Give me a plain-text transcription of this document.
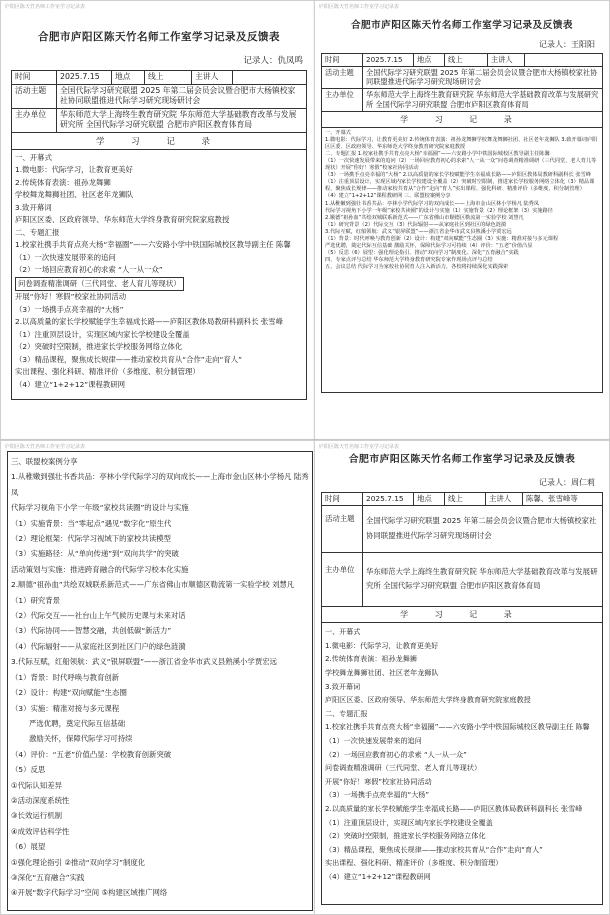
庐阳区陈天竹名师工作室学习记录表
合肥市庐阳区陈天竹名师工作室学习记录及反馈表
记录人：仇凤鸣
时间	2025.7.15	地点	线上	主讲人	
活动主题	全国代际学习研究联盟 2025 年第二届会员会议暨合肥市大杨镇校家社协同联盟推进代际学习研究现场研讨会				
主办单位	华东师范大学上海终生教育研究院 华东师范大学基础教育改革与发展研究所 全国代际学习研究联盟 合肥市庐阳区教育体育局				
学 习 记 录
一、开幕式
1.微电影：代际学习，让教育更美好
2.传统体育表演：祖孙龙舞狮
学校舞龙舞狮社团、社区老年龙狮队
3.致开幕词
庐阳区区委、区政府领导、华东师范大学终身教育研究院家庭教授
二、专题汇报
1.校家社携手共育点亮大杨“幸福圈”——六安路小学中铁国际城校区教导副主任 陈馨
（1）一次快速发展带来的追问
（2）一场回应教育初心的求索 “人一从一众”
问卷调查精准调研（三代同堂、老人育儿等现状）
开展“你好！寒假”校家社协同活动
（3）一场携手点亮幸福的“大杨”
2.以高质量的家长学校赋能学生幸福成长路——庐阳区教体局教研科副科长 张雪峰
（1）注重顶层设计，实现区域内家长学校建设全覆盖
（2）突破时空限制，推进家长学校服务网络立体化
（3）精品课程，聚焦成长规律——推动家校共育从“合作”走向“育人”
实出课程、强化科研、精准评价（多维度、积分制管理）
（4）建立“1+2+12”课程教研网
庐阳区陈天竹名师工作室学习记录表
合肥市庐阳区陈天竹名师工作室学习记录及反馈表
记录人：王阳阳
时间	2025.7.15	地点	线上	主讲人	
活动主题	全国代际学习研究联盟 2025 年第二届会员会议暨合肥市大杨镇校家社协同联盟推进代际学习研究现场研讨会				
主办单位	华东师范大学上海终生教育研究院 华东师范大学基础教育改革与发展研究所 全国代际学习研究联盟 合肥市庐阳区教育体育局				
学 习 记 录
一、开幕式
1.微电影：代际学习，让教育更美好 2.传统体育表演：祖孙龙舞狮学校舞龙舞狮社团、社区老年龙狮队 3.致开幕词庐阳区区委、区政府领导、华东师范大学终身教育研究院家庭教授
二、专题汇报 1.校家社携手共育点亮大杨“幸福圈”——六安路小学中铁国际城校区教导副主任陈馨
（1）一次快速发展带来的追问（2）一场回应教育初心的求索“人一从一众”问卷调查精准调研（三代同堂、老人育儿等现状）开展“你好！寒假”校家社协同活动
（3）一场携手点亮幸福的“大杨” 2.以高质量的家长学校赋能学生幸福成长路——庐阳区教体局教研科副科长 张雪峰
（1）注重顶层设计，实现区域内家长学校建设全覆盖（2）突破时空限制，推进家长学校服务网络立体化（3）精品课程，聚焦成长规律——推动家校共育从“合作”走向“育人”实出课程、强化科研、精准评价（多维度、积分制管理）
（4）建立“1+2+12”课程教研网 三、联盟校案例分享
1.从稚嫩到强壮书香共品：亭林小学代际学习的双向成长——上海市金山区林小学杨凡 陆秀凤
代际学习视角下小学一年级“家校共读圈”的设计与实施（1）实施背景（2）理论框架（3）实施路径
2.顺德“祖孙血”共绘双城联系新范式——广东省佛山市顺德区勒流第一实验学校 刘慧凡
（1）研究背景（2）代际交互（3）代际辐射——从家庭社区到社区的绿色涟漪
3.代际互赋，红船领航：武义“银屏联盟”——浙江省金华市武义县熟溪小学贾宏远
（1）背景：时代呼唤与教育创新（2）设计：构建“双向赋能”生态圈（3）实施：精准对接与多元课程
严选优聘，奠定代际互信基础 激励关怀，保障代际学习可持续（4）评价：“五老”价值凸显
（5）反思（6）展望：强化理论指引、推动“双向学习”制度化、深化“五育融合”实践
四、专家点评与总结 华东师范大学终身教育研究院专家作现场点评与总结
五、会议总结 代际学习为家校社协同育人注入新活力，各校将持续深化实践探索
庐阳区陈天竹名师工作室学习记录表
三、联盟校案例分享
1.从稚嫩到强壮书香共品：亭林小学代际学习的双向成长——上海市金山区林小学杨凡 陆秀凤
代际学习视角下小学一年级“家校共读圈”的设计与实施
（1）实施背景：当“零起点”遇见“数字化”原生代
（2）理论框架：代际学习视域下的家校共读模型
（3）实施路径：从“单向传递”到“双向共学”的突破
活动策划与实施：推进跨育融合的代际学习校本化实施
2.顺德“祖孙血”共绘双城联系新范式——广东省佛山市顺德区勒流第一实验学校 刘慧凡
（1）研究背景
（2）代际交互——社台山上午气候历史课与未来对话
（3）代际协同——智慧交融，共创低碳“新活力”
（4）代际辐射——从家庭社区到社区门户的绿色涟漪
3.代际互赋，红船领航：武义“银屏联盟”——浙江省金华市武义县熟溪小学贾宏远
（1）背景：时代呼唤与教育创新
（2）设计：构建“双向赋能”生态圈
（3）实施：精准对接与多元课程
严选优聘，奠定代际互信基础
激励关怀，保障代际学习可持续
（4）评价：“五老”价值凸显：学校教育创新突破
（5）反思
①代际认知差异
②活动深度系统性
③长效运行机制
④成效评估科学性
（6）展望
①强化理论指引 ②推动“双向学习”制度化
③深化“五育融合”实践
④开展“数字代际学习”空间 ⑤构建区域推广网络
庐阳区陈天竹名师工作室学习记录表
合肥市庐阳区陈天竹名师工作室学习记录及反馈表
记录人：周仁莉
时间	2025.7.15	地点	线上	主讲人	陈馨、张雪峰等
活动主题	全国代际学习研究联盟 2025 年第二届会员会议暨合肥市大杨镇校家社协同联盟推进代际学习研究现场研讨会				
主办单位	华东师范大学上海终生教育研究院 华东师范大学基础教育改革与发展研究所 全国代际学习研究联盟 合肥市庐阳区教育体育局				
学 习 记 录
一、开幕式
1.微电影：代际学习，让教育更美好
2.传统体育表演：祖孙龙舞狮
学校舞龙舞狮社团、社区老年龙狮队
3.致开幕词
庐阳区区委、区政府领导、华东师范大学终身教育研究院家庭教授
二、专题汇报
1.校家社携手共育点亮大杨“幸福圈”——六安路小学中铁国际城校区教导副主任 陈馨
（1）一次快速发展带来的追问
（2）一场回应教育初心的求索 “人一从一众”
问卷调查精准调研（三代同堂、老人育儿等现状）
开展“你好！寒假”校家社协同活动
（3）一场携手点亮幸福的“大杨”
2.以高质量的家长学校赋能学生幸福成长路——庐阳区教体局教研科副科长 张雪峰
（1）注重顶层设计，实现区域内家长学校建设全覆盖
（2）突破时空限制，推进家长学校服务网络立体化
（3）精品课程，聚焦成长规律——推动家校共育从“合作”走向“育人”
实出课程、强化科研、精准评价（多维度、积分制管理）
（4）建立“1+2+12”课程教研网
